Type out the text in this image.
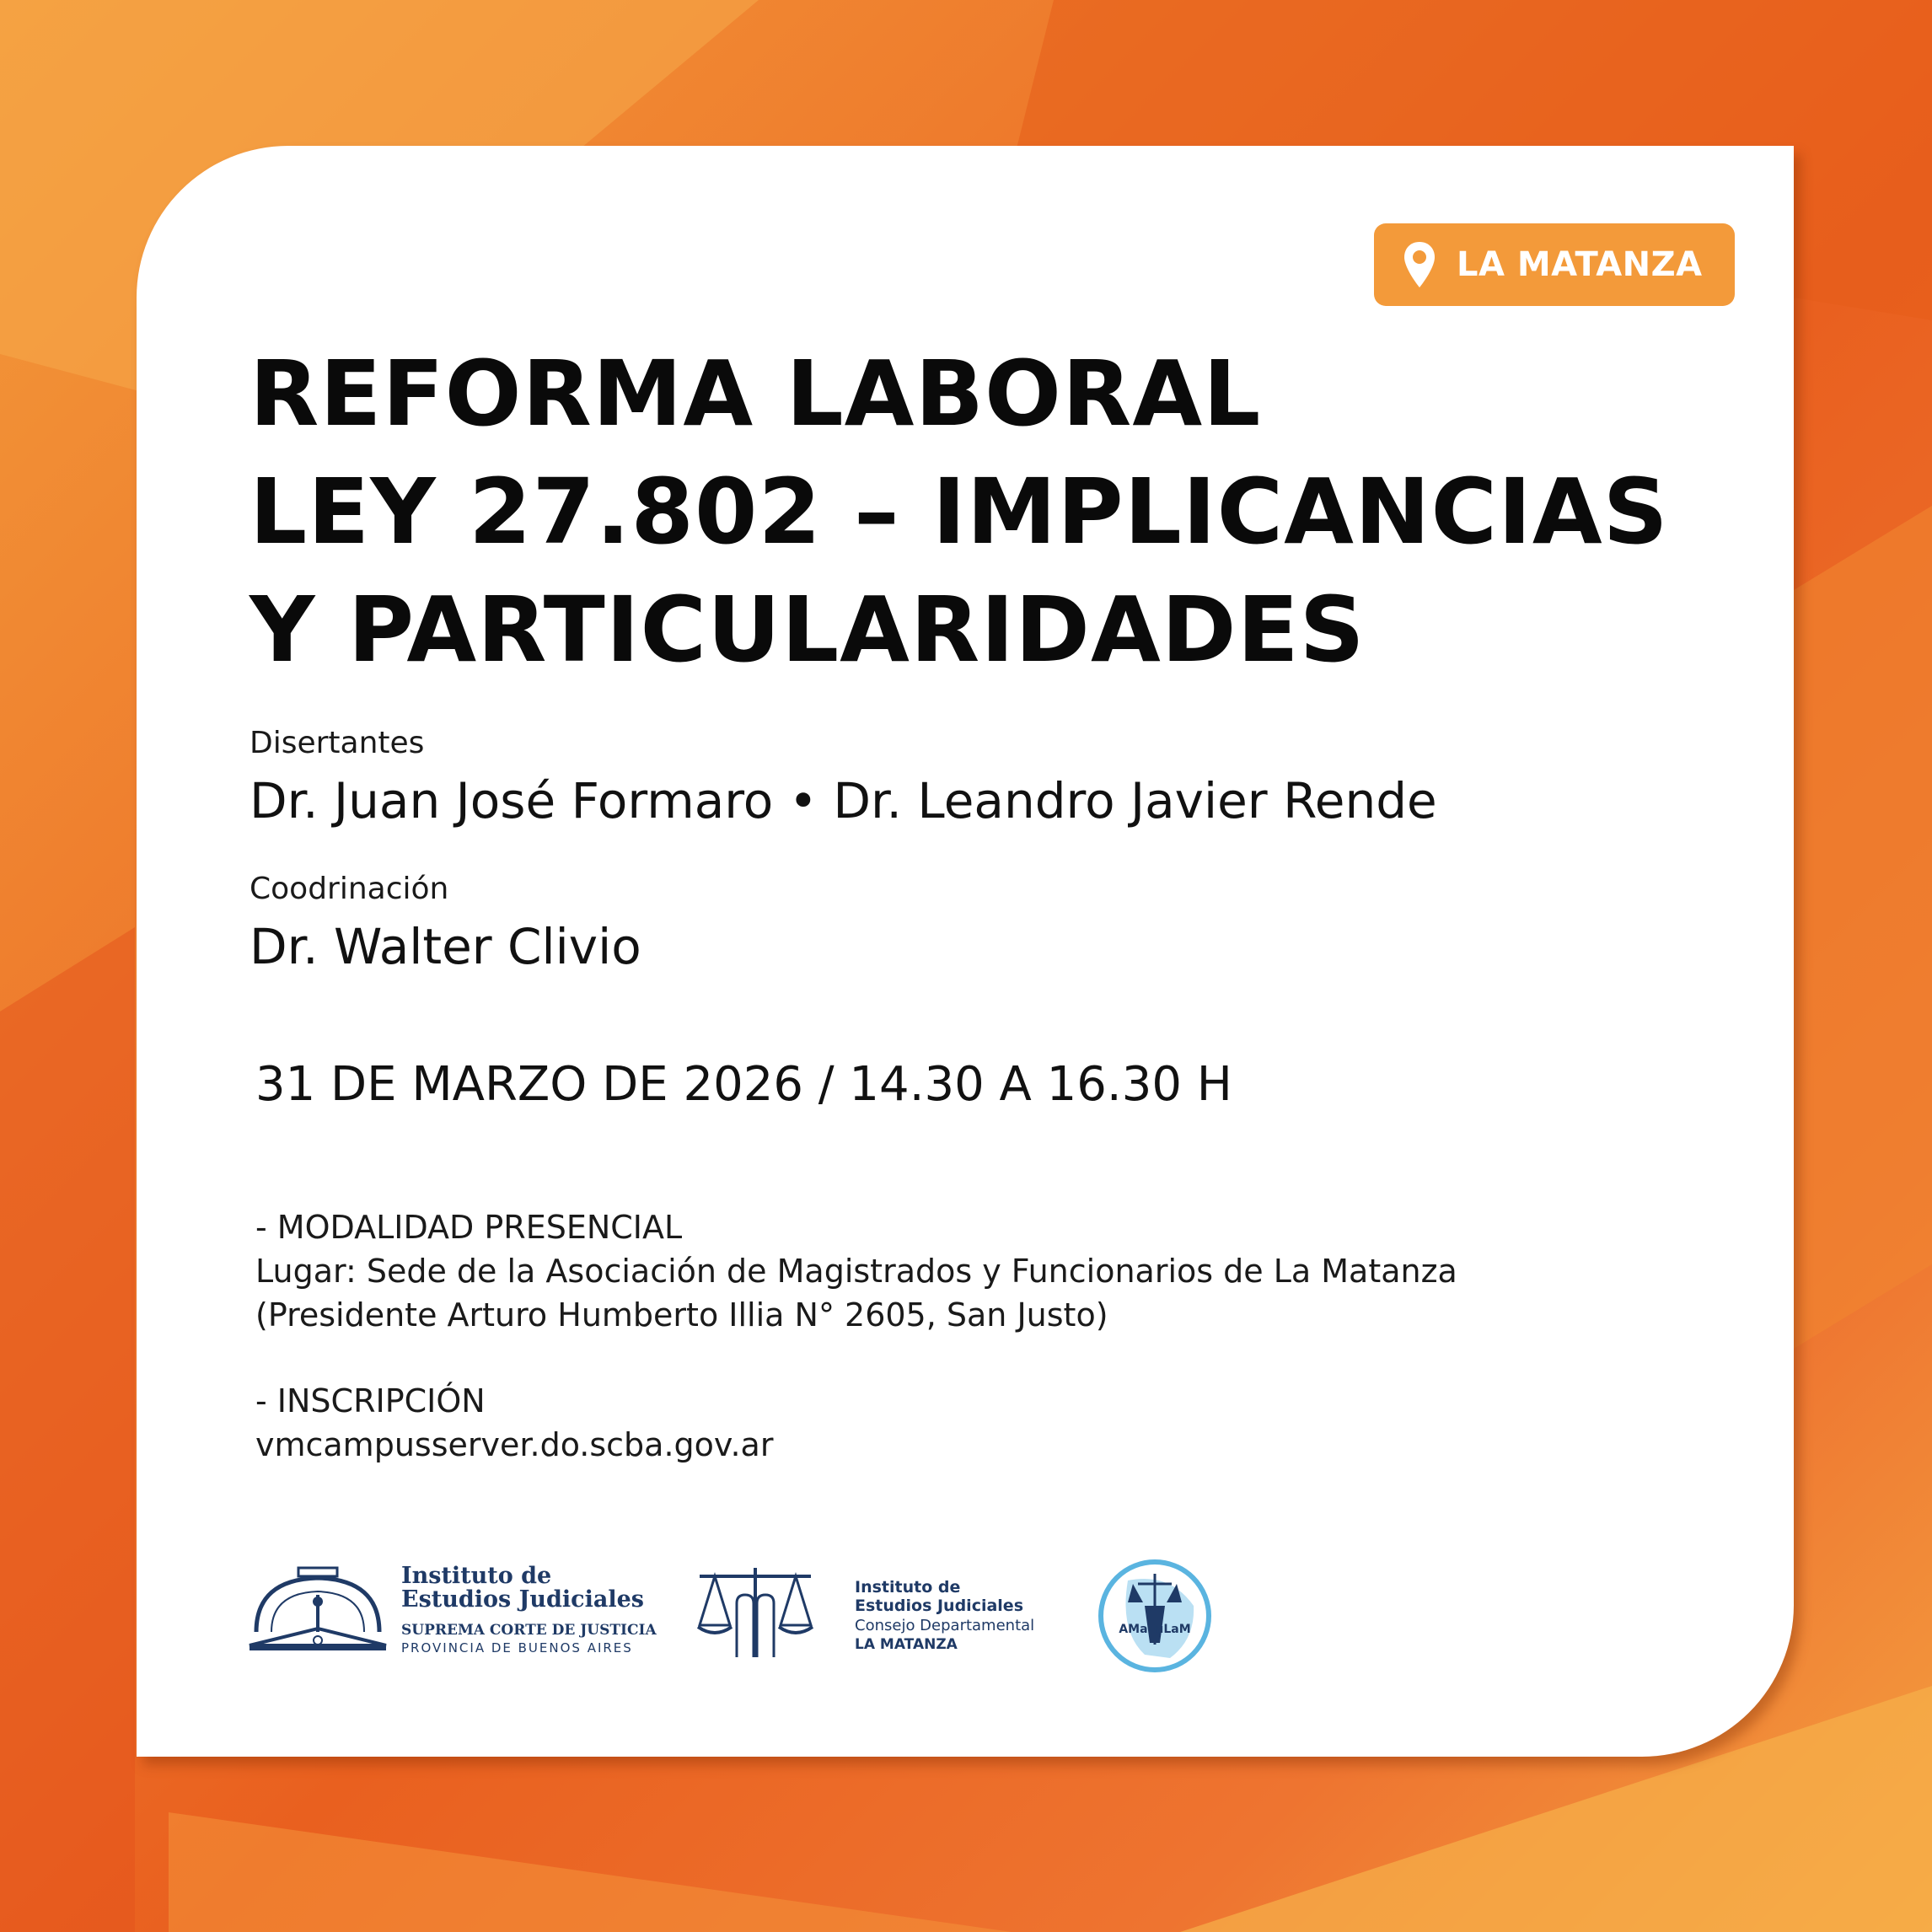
LA MATANZA
REFORMA LABORAL
LEY 27.802 – IMPLICANCIAS
Y PARTICULARIDADES
Disertantes
Dr. Juan José Formaro • Dr. Leandro Javier Rende
Coodrinación
Dr. Walter Clivio
31 DE MARZO DE 2026 / 14.30 A 16.30 H
- MODALIDAD PRESENCIAL
Lugar: Sede de la Asociación de Magistrados y Funcionarios de La Matanza
(Presidente Arturo Humberto Illia N° 2605, San Justo)
- INSCRIPCIÓN
vmcampusserver.do.scba.gov.ar
Instituto de
Estudios Judiciales
SUPREMA CORTE DE JUSTICIA
PROVINCIA DE BUENOS AIRES
Instituto de
Estudios Judiciales
Consejo Departamental
LA MATANZA
AMaFuLaM
